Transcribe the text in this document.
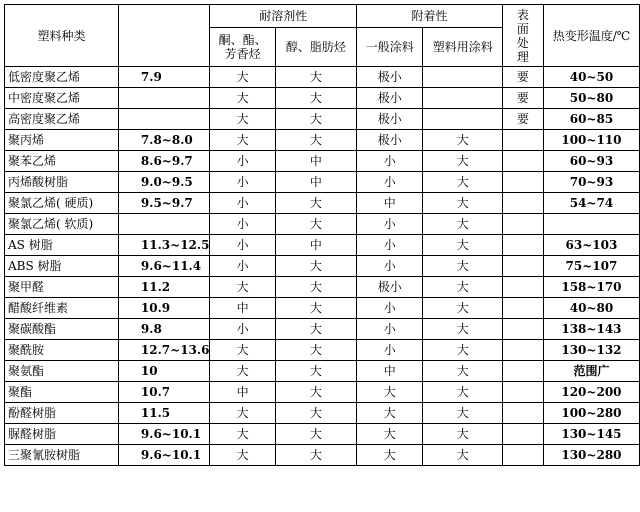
塑料种类		耐溶剂性		附着性		表面处理	热变形温度/℃
		酮、酯、芳香烃	醇、脂肪烃	一般涂料	塑料用涂料		
低密度聚乙烯	7.9	大	大	极小		要	40~50
中密度聚乙烯		大	大	极小		要	50~80
高密度聚乙烯		大	大	极小		要	60~85
聚丙烯	7.8~8.0	大	大	极小	大		100~110
聚苯乙烯	8.6~9.7	小	中	小	大		60~93
丙烯酸树脂	9.0~9.5	小	中	小	大		70~93
聚氯乙烯( 硬质)	9.5~9.7	小	大	中	大		54~74
聚氯乙烯( 软质)		小	大	小	大		
AS 树脂	11.3~12.5	小	中	小	大		63~103
ABS 树脂	9.6~11.4	小	大	小	大		75~107
聚甲醛	11.2	大	大	极小	大		158~170
醋酸纤维素	10.9	中	大	小	大		40~80
聚碳酸酯	9.8	小	大	小	大		138~143
聚酰胺	12.7~13.6	大	大	小	大		130~132
聚氨酯	10	大	大	中	大		范围广
聚酯	10.7	中	大	大	大		120~200
酚醛树脂	11.5	大	大	大	大		100~280
脲醛树脂	9.6~10.1	大	大	大	大		130~145
三聚氰胺树脂	9.6~10.1	大	大	大	大		130~280
